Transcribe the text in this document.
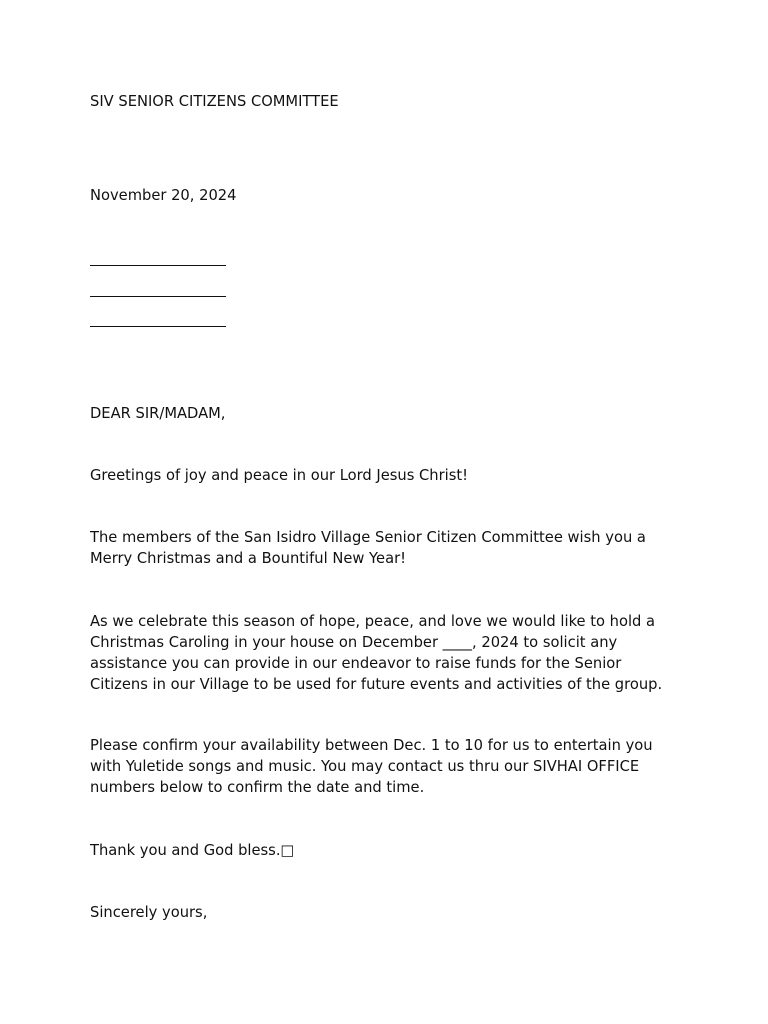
SIV SENIOR CITIZENS COMMITTEE

November 20, 2024

DEAR SIR/MADAM,

Greetings of joy and peace in our Lord Jesus Christ!

The members of the San Isidro Village Senior Citizen Committee wish you a

Merry Christmas and a Bountiful New Year!

As we celebrate this season of hope, peace, and love we would like to hold a

Christmas Caroling in your house on December ____, 2024 to solicit any

assistance you can provide in our endeavor to raise funds for the Senior

Citizens in our Village to be used for future events and activities of the group.

Please confirm your availability between Dec. 1 to 10 for us to entertain you

with Yuletide songs and music. You may contact us thru our SIVHAI OFFICE

numbers below to confirm the date and time.

Thank you and God bless.□

Sincerely yours,
